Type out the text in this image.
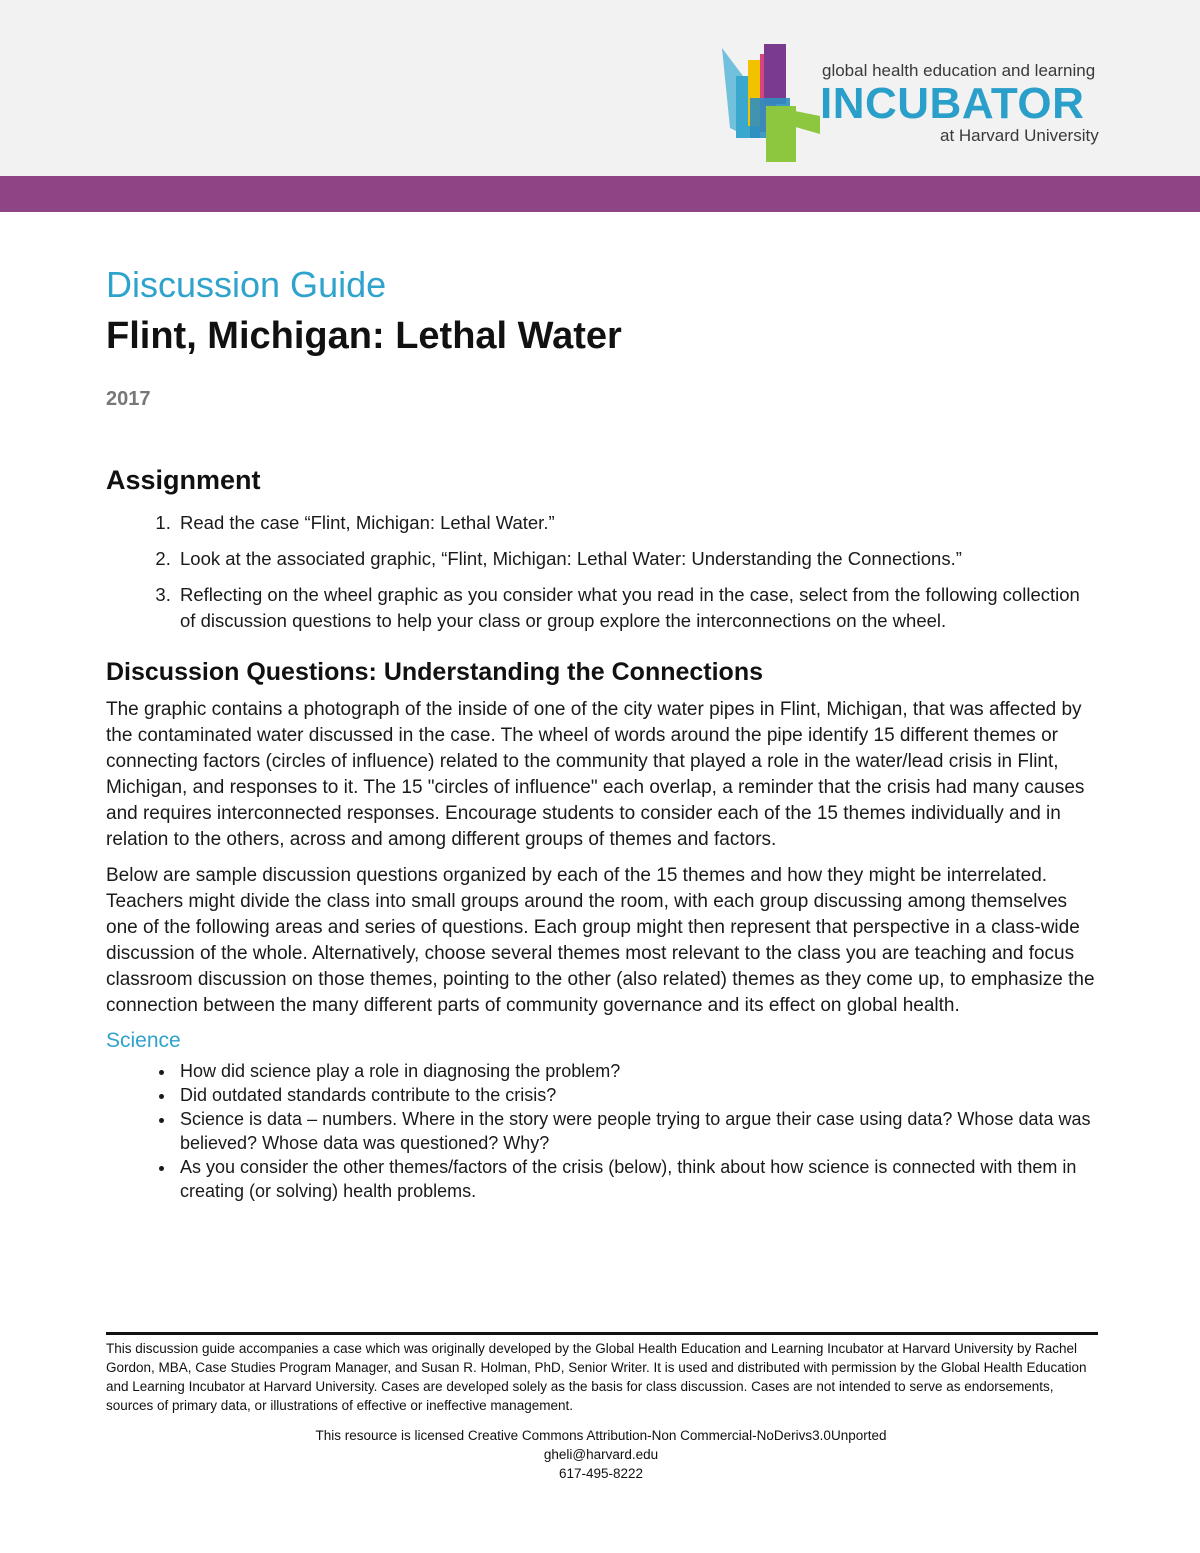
global health education and learning
INCUBATOR
at Harvard University
Discussion Guide
Flint, Michigan: Lethal Water
2017
Assignment
1. Read the case “Flint, Michigan: Lethal Water.”
2. Look at the associated graphic, “Flint, Michigan: Lethal Water: Understanding the Connections.”
3. Reflecting on the wheel graphic as you consider what you read in the case, select from the following collection of discussion questions to help your class or group explore the interconnections on the wheel.
Discussion Questions: Understanding the Connections

The graphic contains a photograph of the inside of one of the city water pipes in Flint, Michigan, that was affected by the contaminated water discussed in the case. The wheel of words around the pipe identify 15 different themes or connecting factors (circles of influence) related to the community that played a role in the water/lead crisis in Flint, Michigan, and responses to it. The 15 "circles of influence" each overlap, a reminder that the crisis had many causes and requires interconnected responses. Encourage students to consider each of the 15 themes individually and in relation to the others, across and among different groups of themes and factors.

Below are sample discussion questions organized by each of the 15 themes and how they might be interrelated. Teachers might divide the class into small groups around the room, with each group discussing among themselves one of the following areas and series of questions. Each group might then represent that perspective in a class-wide discussion of the whole. Alternatively, choose several themes most relevant to the class you are teaching and focus classroom discussion on those themes, pointing to the other (also related) themes as they come up, to emphasize the connection between the many different parts of community governance and its effect on global health.

Science
• How did science play a role in diagnosing the problem?
• Did outdated standards contribute to the crisis?
• Science is data – numbers. Where in the story were people trying to argue their case using data? Whose data was believed? Whose data was questioned? Why?
• As you consider the other themes/factors of the crisis (below), think about how science is connected with them in creating (or solving) health problems.

This discussion guide accompanies a case which was originally developed by the Global Health Education and Learning Incubator at Harvard University by Rachel Gordon, MBA, Case Studies Program Manager, and Susan R. Holman, PhD, Senior Writer. It is used and distributed with permission by the Global Health Education and Learning Incubator at Harvard University. Cases are developed solely as the basis for class discussion. Cases are not intended to serve as endorsements, sources of primary data, or illustrations of effective or ineffective management.

This resource is licensed Creative Commons Attribution-Non Commercial-NoDerivs3.0Unported
gheli@harvard.edu
617-495-8222
